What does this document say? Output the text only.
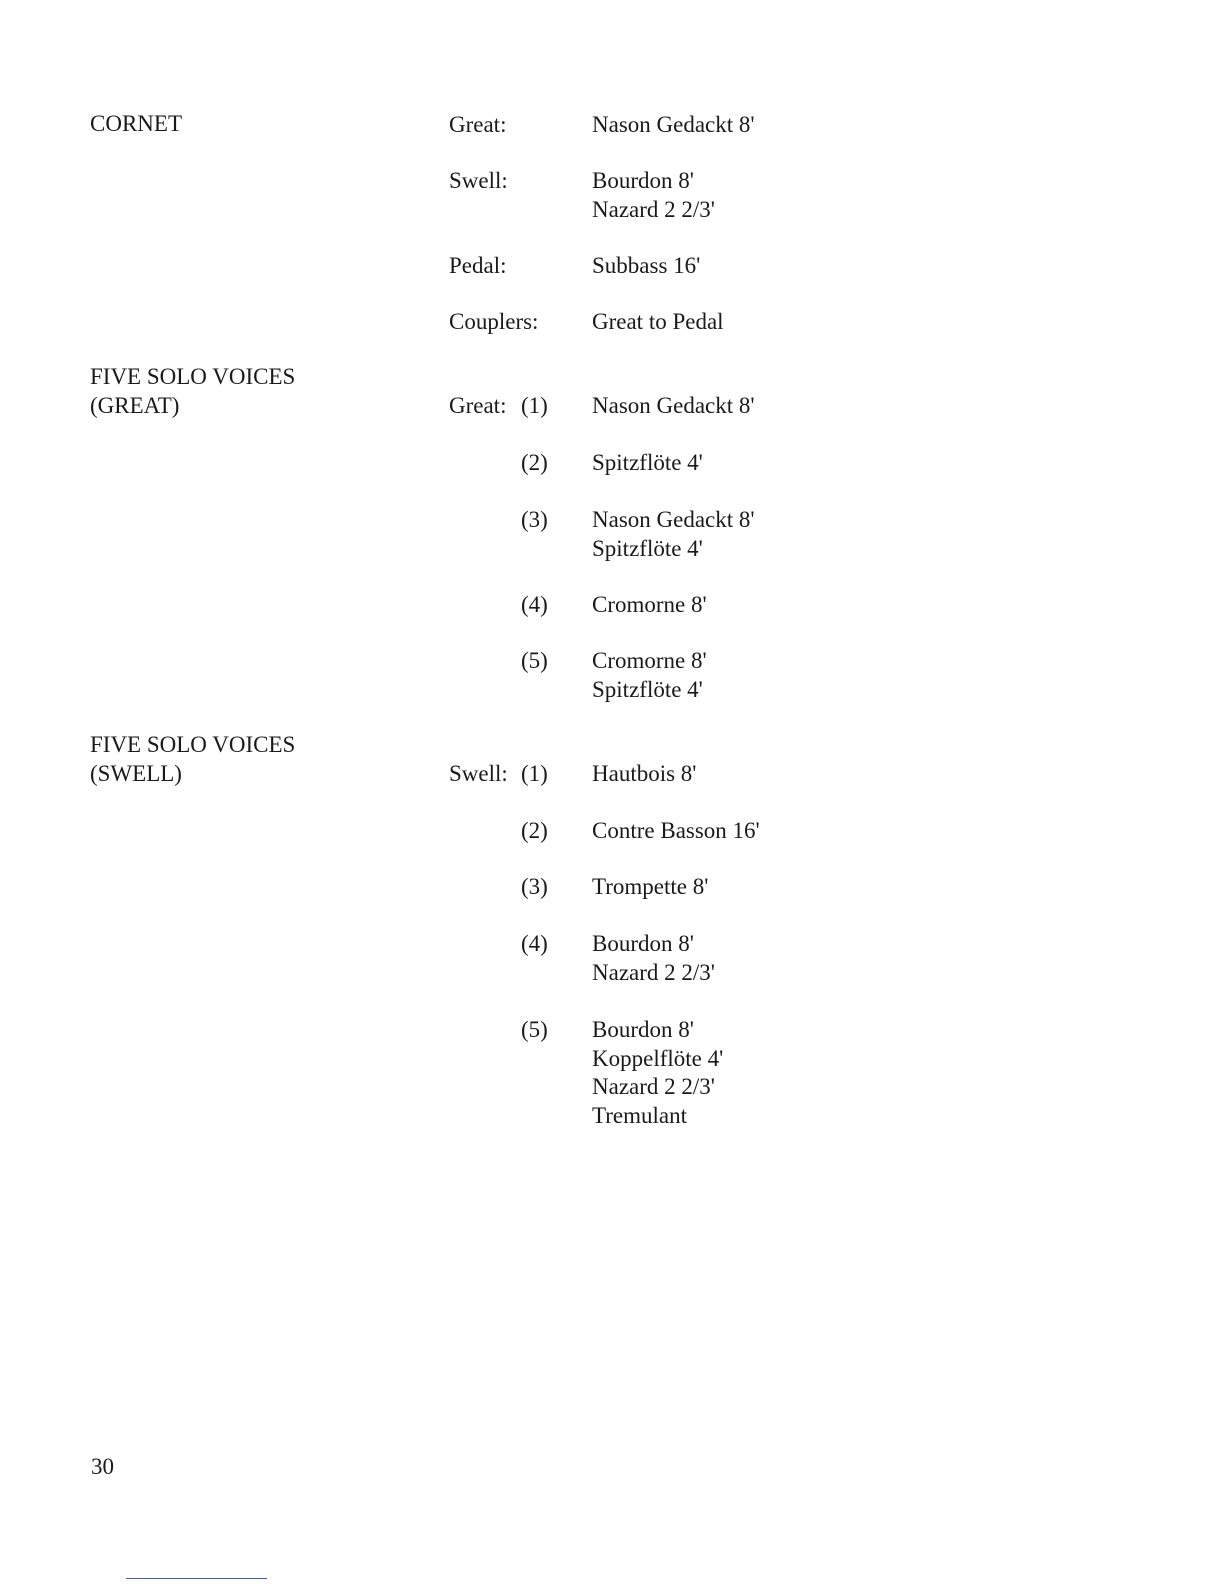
CORNET	Great:	Nason Gedackt 8'
Swell:	Bourdon 8'
Nazard 2 2/3'
Pedal:	Subbass 16'
Couplers: Great to Pedal
FIVE SOLO VOICES
(GREAT)	Great: (1) Nason Gedackt 8'
(2) Spitzflöte 4'
(3) Nason Gedackt 8'
Spitzflöte 4'
(4) Cromorne 8'
(5) Cromorne 8'
Spitzflöte 4'
FIVE SOLO VOICES
(SWELL)	Swell: (1) Hautbois 8'
(2) Contre Basson 16'
(3) Trompette 8'
(4) Bourdon 8'
Nazard 2 2/3'
(5) Bourdon 8'
Koppelflöte 4'
Nazard 2 2/3'
Tremulant
30
